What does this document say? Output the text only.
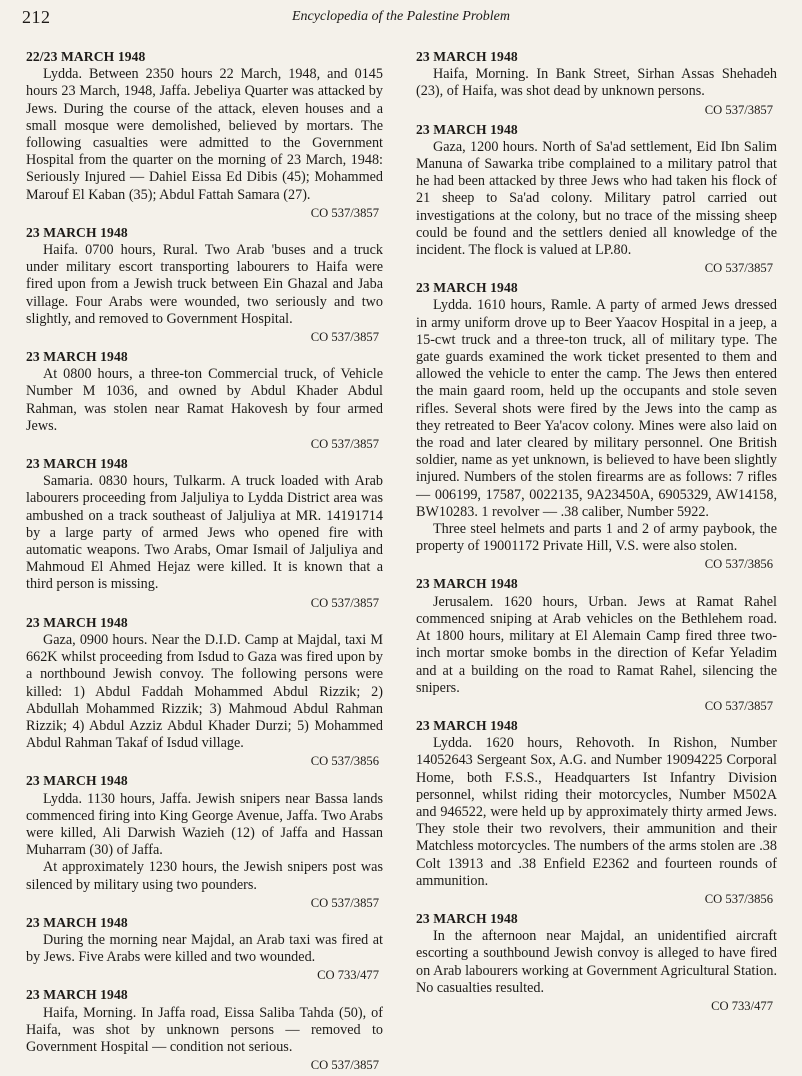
212	Encyclopedia of the Palestine Problem
22/23 MARCH 1948

Lydda. Between 2350 hours 22 March, 1948, and 0145 hours 23 March, 1948, Jaffa. Jebeliya Quarter was attacked by Jews. During the course of the attack, eleven houses and a small mosque were demolished, believed by mortars. The following casualties were admitted to the Government Hospital from the quarter on the morning of 23 March, 1948: Seriously Injured — Dahiel Eissa Ed Dibis (45); Mohammed Marouf El Kaban (35); Abdul Fattah Samara (27).

CO 537/3857
23 MARCH 1948

Haifa. 0700 hours, Rural. Two Arab 'buses and a truck under military escort transporting labourers to Haifa were fired upon from a Jewish truck between Ein Ghazal and Jaba village. Four Arabs were wounded, two seriously and two slightly, and removed to Government Hospital.

CO 537/3857
23 MARCH 1948

At 0800 hours, a three-ton Commercial truck, of Vehicle Number M 1036, and owned by Abdul Khader Abdul Rahman, was stolen near Ramat Hakovesh by four armed Jews.

CO 537/3857
23 MARCH 1948

Samaria. 0830 hours, Tulkarm. A truck loaded with Arab labourers proceeding from Jaljuliya to Lydda District area was ambushed on a track southeast of Jaljuliya at MR. 14191714 by a large party of armed Jews who opened fire with automatic weapons. Two Arabs, Omar Ismail of Jaljuliya and Mahmoud El Ahmed Hejaz were killed. It is known that a third person is missing.

CO 537/3857
23 MARCH 1948

Gaza, 0900 hours. Near the D.I.D. Camp at Majdal, taxi M 662K whilst proceeding from Isdud to Gaza was fired upon by a northbound Jewish convoy. The following persons were killed: 1) Abdul Faddah Mohammed Abdul Rizzik; 2) Abdullah Mohammed Rizzik; 3) Mahmoud Abdul Rahman Rizzik; 4) Abdul Azziz Abdul Khader Durzi; 5) Mohammed Abdul Rahman Takaf of Isdud village.

CO 537/3856
23 MARCH 1948

Lydda. 1130 hours, Jaffa. Jewish snipers near Bassa lands commenced firing into King George Avenue, Jaffa. Two Arabs were killed, Ali Darwish Wazieh (12) of Jaffa and Hassan Muharram (30) of Jaffa.

At approximately 1230 hours, the Jewish snipers post was silenced by military using two pounders.

CO 537/3857
23 MARCH 1948

During the morning near Majdal, an Arab taxi was fired at by Jews. Five Arabs were killed and two wounded.

CO 733/477
23 MARCH 1948

Haifa, Morning. In Jaffa road, Eissa Saliba Tahda (50), of Haifa, was shot by unknown persons — removed to Government Hospital — condition not serious.

CO 537/3857
23 MARCH 1948

Haifa, Morning. In Bank Street, Sirhan Assas Shehadeh (23), of Haifa, was shot dead by unknown persons.

CO 537/3857
23 MARCH 1948

Gaza, 1200 hours. North of Sa'ad settlement, Eid Ibn Salim Manuna of Sawarka tribe complained to a military patrol that he had been attacked by three Jews who had taken his flock of 21 sheep to Sa'ad colony. Military patrol carried out investigations at the colony, but no trace of the missing sheep could be found and the settlers denied all knowledge of the incident. The flock is valued at LP.80.

CO 537/3857
23 MARCH 1948

Lydda. 1610 hours, Ramle. A party of armed Jews dressed in army uniform drove up to Beer Yaacov Hospital in a jeep, a 15-cwt truck and a three-ton truck, all of military type. The gate guards examined the work ticket presented to them and allowed the vehicle to enter the camp. The Jews then entered the main gaard room, held up the occupants and stole seven rifles. Several shots were fired by the Jews into the camp as they retreated to Beer Ya'acov colony. Mines were also laid on the road and later cleared by military personnel. One British soldier, name as yet unknown, is believed to have been slightly injured. Numbers of the stolen firearms are as follows: 7 rifles — 006199, 17587, 0022135, 9A23450A, 6905329, AW14158, BW10283. 1 revolver — .38 caliber, Number 5922.

Three steel helmets and parts 1 and 2 of army paybook, the property of 19001172 Private Hill, V.S. were also stolen.

CO 537/3856
23 MARCH 1948

Jerusalem. 1620 hours, Urban. Jews at Ramat Rahel commenced sniping at Arab vehicles on the Bethlehem road. At 1800 hours, military at El Alemain Camp fired three two-inch mortar smoke bombs in the direction of Kefar Yeladim and at a building on the road to Ramat Rahel, silencing the snipers.

CO 537/3857
23 MARCH 1948

Lydda. 1620 hours, Rehovoth. In Rishon, Number 14052643 Sergeant Sox, A.G. and Number 19094225 Corporal Home, both F.S.S., Headquarters Ist Infantry Division personnel, whilst riding their motorcycles, Number M502A and 946522, were held up by approximately thirty armed Jews. They stole their two revolvers, their ammunition and their Matchless motorcycles. The numbers of the arms stolen are .38 Colt 13913 and .38 Enfield E2362 and fourteen rounds of ammunition.

CO 537/3856
23 MARCH 1948

In the afternoon near Majdal, an unidentified aircraft escorting a southbound Jewish convoy is alleged to have fired on Arab labourers working at Government Agricultural Station. No casualties resulted.

CO 733/477
